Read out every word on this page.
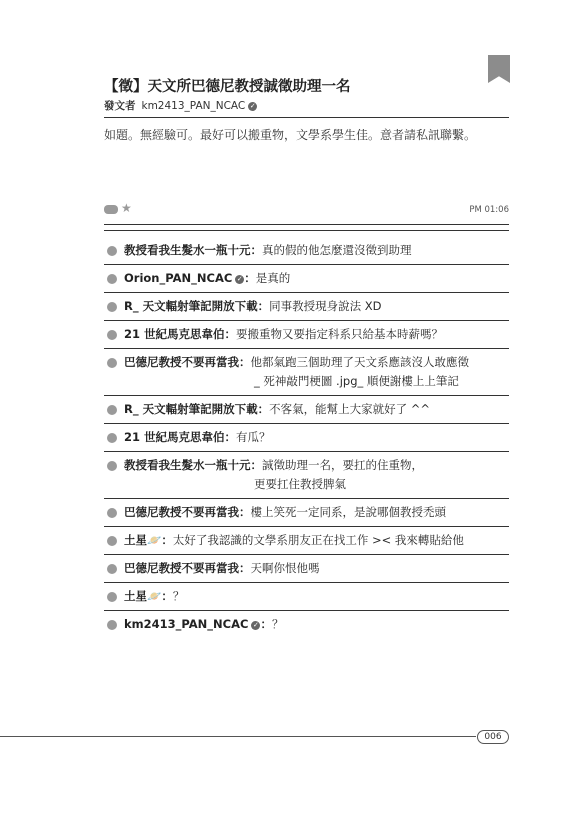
【徵】天文所巴德尼教授誠徵助理一名
發文者 km2413_PAN_NCAC ✓
如題。無經驗可。最好可以搬重物，文學系學生佳。意者請私訊聯繫。
···
★	PM 01:06
教授看我生髮水一瓶十元：真的假的他怎麼還沒徵到助理
Orion_PAN_NCAC ✓ ：是真的
R_ 天文輻射筆記開放下載：同事教授現身說法 XD
21 世紀馬克思韋伯：要搬重物又要指定科系只給基本時薪嗎？
巴德尼教授不要再當我：他都氣跑三個助理了天文系應該沒人敢應徵
_ 死神敲門梗圖 .jpg_ 順便謝樓上上筆記
R_ 天文輻射筆記開放下載：不客氣，能幫上大家就好了 ^^
21 世紀馬克思韋伯：有瓜？
教授看我生髮水一瓶十元：誠徵助理一名，要扛的住重物，
更要扛住教授脾氣
巴德尼教授不要再當我：樓上笑死一定同系，是說哪個教授禿頭
土星🪐：太好了我認識的文學系朋友正在找工作 >< 我來轉貼給他
巴德尼教授不要再當我：天啊你恨他嗎
土星🪐：？
km2413_PAN_NCAC ✓ ：？
006
